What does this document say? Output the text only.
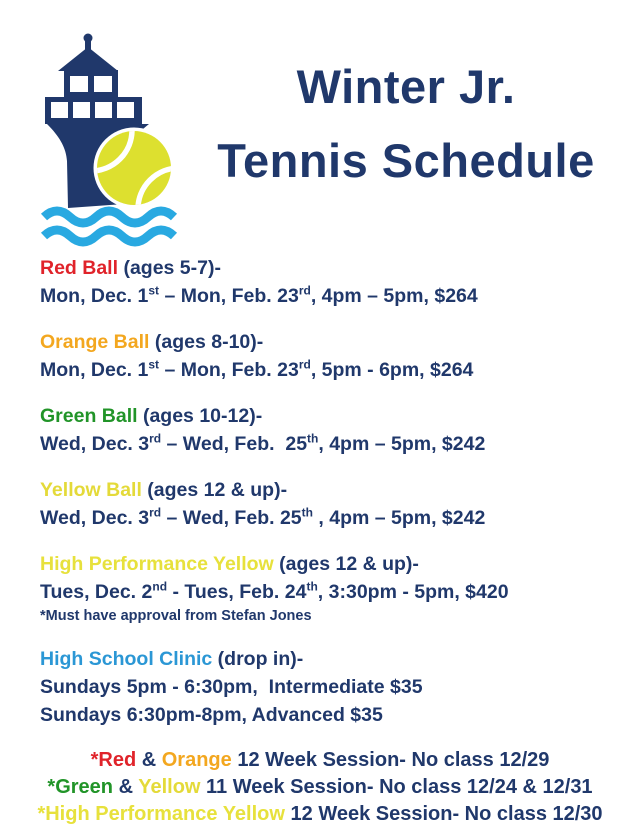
Winter Jr.
Tennis Schedule

Red Ball (ages 5-7)-

Mon, Dec. 1st – Mon, Feb. 23rd, 4pm – 5pm, $264

Orange Ball (ages 8-10)-

Mon, Dec. 1st – Mon, Feb. 23rd, 5pm - 6pm, $264

Green Ball (ages 10-12)-

Wed, Dec. 3rd – Wed, Feb.  25th, 4pm – 5pm, $242

Yellow Ball (ages 12 & up)-

Wed, Dec. 3rd – Wed, Feb. 25th , 4pm – 5pm, $242

High Performance Yellow (ages 12 & up)-

Tues, Dec. 2nd - Tues, Feb. 24th, 3:30pm - 5pm, $420

*Must have approval from Stefan Jones

High School Clinic (drop in)-

Sundays 5pm - 6:30pm,  Intermediate $35

Sundays 6:30pm-8pm, Advanced $35

*Red & Orange 12 Week Session- No class 12/29

*Green & Yellow 11 Week Session- No class 12/24 & 12/31

*High Performance Yellow 12 Week Session- No class 12/30
